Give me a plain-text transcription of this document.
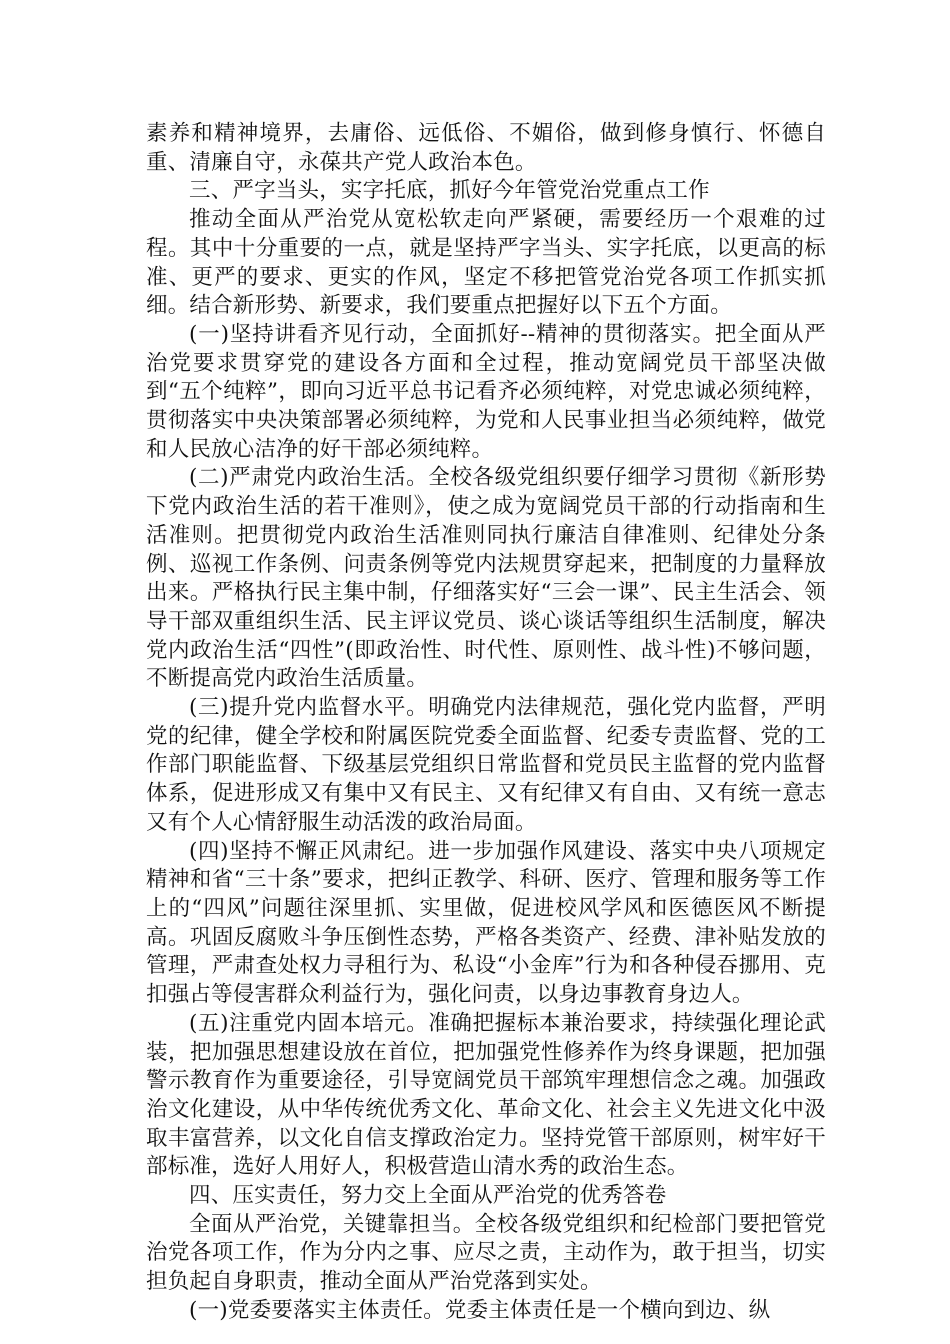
素养和精神境界，去庸俗、远低俗、不媚俗，做到修身慎行、怀德自重、清廉自守，永葆共产党人政治本色。

三、严字当头，实字托底，抓好今年管党治党重点工作

推动全面从严治党从宽松软走向严紧硬，需要经历一个艰难的过程。其中十分重要的一点，就是坚持严字当头、实字托底，以更高的标准、更严的要求、更实的作风，坚定不移把管党治党各项工作抓实抓细。结合新形势、新要求，我们要重点把握好以下五个方面。

(一)坚持讲看齐见行动，全面抓好--精神的贯彻落实。把全面从严治党要求贯穿党的建设各方面和全过程，推动宽阔党员干部坚决做到“五个纯粹”，即向习近平总书记看齐必须纯粹，对党忠诚必须纯粹，贯彻落实中央决策部署必须纯粹，为党和人民事业担当必须纯粹，做党和人民放心洁净的好干部必须纯粹。

(二)严肃党内政治生活。全校各级党组织要仔细学习贯彻《新形势下党内政治生活的若干准则》，使之成为宽阔党员干部的行动指南和生活准则。把贯彻党内政治生活准则同执行廉洁自律准则、纪律处分条例、巡视工作条例、问责条例等党内法规贯穿起来，把制度的力量释放出来。严格执行民主集中制，仔细落实好“三会一课”、民主生活会、领导干部双重组织生活、民主评议党员、谈心谈话等组织生活制度，解决党内政治生活“四性”(即政治性、时代性、原则性、战斗性)不够问题，不断提高党内政治生活质量。

(三)提升党内监督水平。明确党内法律规范，强化党内监督，严明党的纪律，健全学校和附属医院党委全面监督、纪委专责监督、党的工作部门职能监督、下级基层党组织日常监督和党员民主监督的党内监督体系，促进形成又有集中又有民主、又有纪律又有自由、又有统一意志又有个人心情舒服生动活泼的政治局面。

(四)坚持不懈正风肃纪。进一步加强作风建设、落实中央八项规定精神和省“三十条”要求，把纠正教学、科研、医疗、管理和服务等工作上的“四风”问题往深里抓、实里做，促进校风学风和医德医风不断提高。巩固反腐败斗争压倒性态势，严格各类资产、经费、津补贴发放的管理，严肃查处权力寻租行为、私设“小金库”行为和各种侵吞挪用、克扣强占等侵害群众利益行为，强化问责，以身边事教育身边人。

(五)注重党内固本培元。准确把握标本兼治要求，持续强化理论武装，把加强思想建设放在首位，把加强党性修养作为终身课题，把加强警示教育作为重要途径，引导宽阔党员干部筑牢理想信念之魂。加强政治文化建设，从中华传统优秀文化、革命文化、社会主义先进文化中汲取丰富营养，以文化自信支撑政治定力。坚持党管干部原则，树牢好干部标准，选好人用好人，积极营造山清水秀的政治生态。

四、压实责任，努力交上全面从严治党的优秀答卷

全面从严治党，关键靠担当。全校各级党组织和纪检部门要把管党治党各项工作，作为分内之事、应尽之责，主动作为，敢于担当，切实担负起自身职责，推动全面从严治党落到实处。

(一)党委要落实主体责任。党委主体责任是一个横向到边、纵
